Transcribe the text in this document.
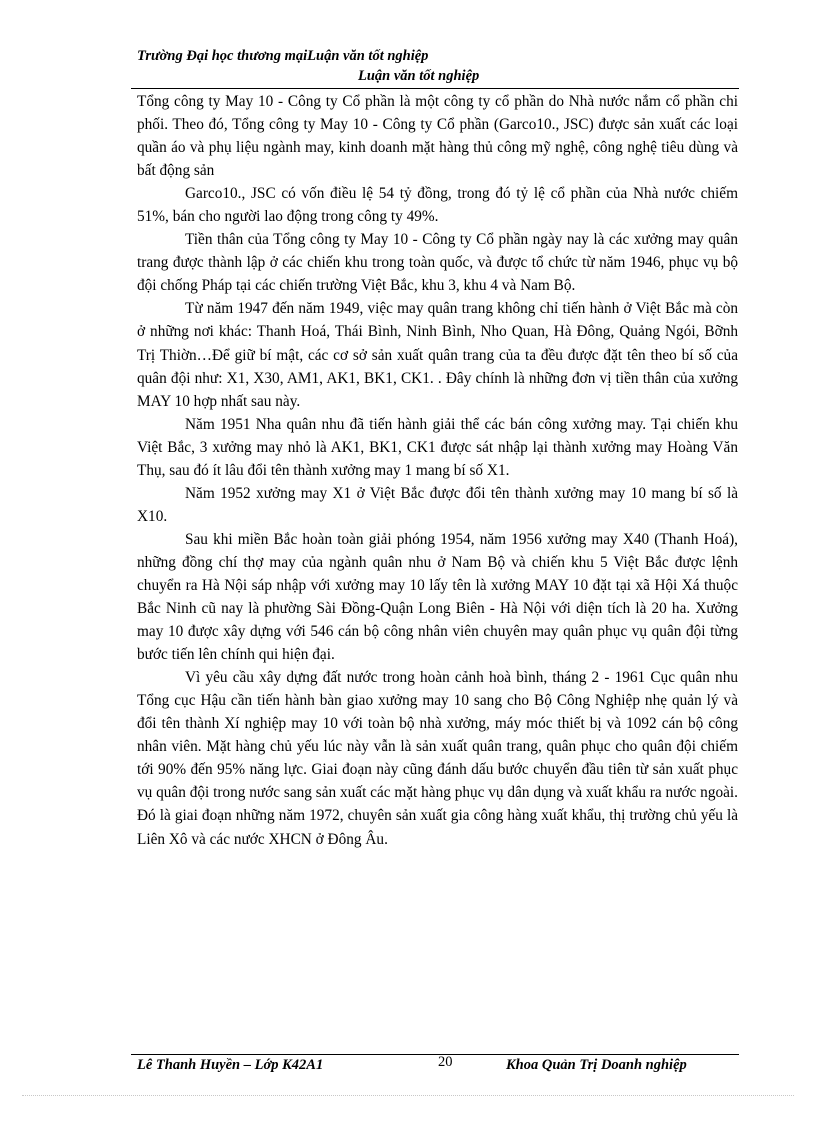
Trường Đại học thương mạiLuận văn tốt nghiệp
Luận văn tốt nghiệp

Tổng công ty May 10 - Công ty Cổ phần là một công ty cổ phần do Nhà nước nắm cổ phần chi phối. Theo đó, Tổng công ty May 10 - Công ty Cổ phần (Garco10., JSC) được sản xuất các loại quần áo và phụ liệu ngành may, kinh doanh mặt hàng thủ công mỹ nghệ, công nghệ tiêu dùng và bất động sản

Garco10., JSC có vốn điều lệ 54 tỷ đồng, trong đó tỷ lệ cổ phần của Nhà nước chiếm 51%, bán cho người lao động trong công ty 49%.

Tiền thân của Tổng công ty May 10 - Công ty Cổ phần ngày nay là các xưởng may quân trang được thành lập ở các chiến khu trong toàn quốc, và được tổ chức từ năm 1946, phục vụ bộ đội chống Pháp tại các chiến trường Việt Bắc, khu 3, khu 4 và Nam Bộ.

Từ năm 1947 đến năm 1949, việc may quân trang không chỉ tiến hành ở Việt Bắc mà còn ở những nơi khác: Thanh Hoá, Thái Bình, Ninh Bình, Nho Quan, Hà Đông, Quảng Ngói, Bỡnh Trị Thiờn…Để giữ bí mật, các cơ sở sản xuất quân trang của ta đều được đặt tên theo bí số của quân đội như: X1, X30, AM1, AK1, BK1, CK1. . Đây chính là những đơn vị tiền thân của xưởng MAY 10 hợp nhất sau này.

Năm 1951 Nha quân nhu đã tiến hành giải thể các bán công xưởng may. Tại chiến khu Việt Bắc, 3 xưởng may nhỏ là AK1, BK1, CK1 được sát nhập lại thành xưởng may Hoàng Văn Thụ, sau đó ít lâu đổi tên thành xưởng may 1 mang bí số X1.

Năm 1952 xưởng may X1 ở Việt Bắc được đổi tên thành xưởng may 10 mang bí số là X10.

Sau khi miền Bắc hoàn toàn giải phóng 1954, năm 1956 xưởng may X40 (Thanh Hoá), những đồng chí thợ may của ngành quân nhu ở Nam Bộ và chiến khu 5 Việt Bắc được lệnh chuyển ra Hà Nội sáp nhập với xưởng may 10 lấy tên là xưởng MAY 10 đặt tại xã Hội Xá thuộc Bắc Ninh cũ nay là phường Sài Đồng-Quận Long Biên - Hà Nội với diện tích là 20 ha. Xưởng may 10 được xây dựng với 546 cán bộ công nhân viên chuyên may quân phục vụ quân đội từng bước tiến lên chính qui hiện đại.

Vì yêu cầu xây dựng đất nước trong hoàn cảnh hoà bình, tháng 2 - 1961 Cục quân nhu Tổng cục Hậu cần tiến hành bàn giao xưởng may 10 sang cho Bộ Công Nghiệp nhẹ quản lý và đổi tên thành Xí nghiệp may 10 với toàn bộ nhà xưởng, máy móc thiết bị và 1092 cán bộ công nhân viên. Mặt hàng chủ yếu lúc này vẫn là sản xuất quân trang, quân phục cho quân đội chiếm tới 90% đến 95% năng lực. Giai đoạn này cũng đánh dấu bước chuyển đầu tiên từ sản xuất phục vụ quân đội trong nước sang sản xuất các mặt hàng phục vụ dân dụng và xuất khẩu ra nước ngoài. Đó là giai đoạn những năm 1972, chuyên sản xuất gia công hàng xuất khẩu, thị trường chủ yếu là Liên Xô và các nước XHCN ở Đông Âu.

Lê Thanh Huyền – Lớp K42A1	20	Khoa Quản Trị Doanh nghiệp
